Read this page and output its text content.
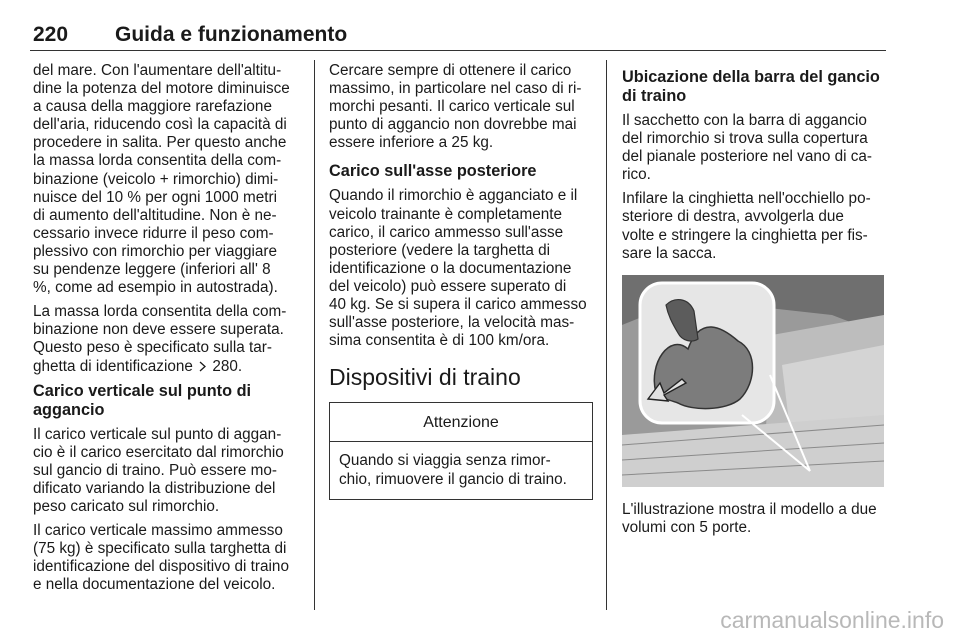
220 Guida e funzionamento

del mare. Con l'aumentare dell'altitu-
dine la potenza del motore diminuisce
a causa della maggiore rarefazione
dell'aria, riducendo così la capacità di
procedere in salita. Per questo anche
la massa lorda consentita della com-
binazione (veicolo + rimorchio) dimi-
nuisce del 10 % per ogni 1000 metri
di aumento dell'altitudine. Non è ne-
cessario invece ridurre il peso com-
plessivo con rimorchio per viaggiare
su pendenze leggere (inferiori all' 8
%, come ad esempio in autostrada).

La massa lorda consentita della com-
binazione non deve essere superata.
Questo peso è specificato sulla tar-
ghetta di identificazione 280.

Carico verticale sul punto di
aggancio

Il carico verticale sul punto di aggan-
cio è il carico esercitato dal rimorchio
sul gancio di traino. Può essere mo-
dificato variando la distribuzione del
peso caricato sul rimorchio.

Il carico verticale massimo ammesso
(75 kg) è specificato sulla targhetta di
identificazione del dispositivo di traino
e nella documentazione del veicolo.

Cercare sempre di ottenere il carico
massimo, in particolare nel caso di ri-
morchi pesanti. Il carico verticale sul
punto di aggancio non dovrebbe mai
essere inferiore a 25 kg.

Carico sull'asse posteriore

Quando il rimorchio è agganciato e il
veicolo trainante è completamente
carico, il carico ammesso sull'asse
posteriore (vedere la targhetta di
identificazione o la documentazione
del veicolo) può essere superato di
40 kg. Se si supera il carico ammesso
sull'asse posteriore, la velocità mas-
sima consentita è di 100 km/ora.

Dispositivi di traino
Attenzione
Quando si viaggia senza rimor-
chio, rimuovere il gancio di traino.
Ubicazione della barra del gancio
di traino

Il sacchetto con la barra di aggancio
del rimorchio si trova sulla copertura
del pianale posteriore nel vano di ca-
rico.

Infilare la cinghietta nell'occhiello po-
steriore di destra, avvolgerla due
volte e stringere la cinghietta per fis-
sare la sacca.

L'illustrazione mostra il modello a due
volumi con 5 porte.

carmanualsonline.info
